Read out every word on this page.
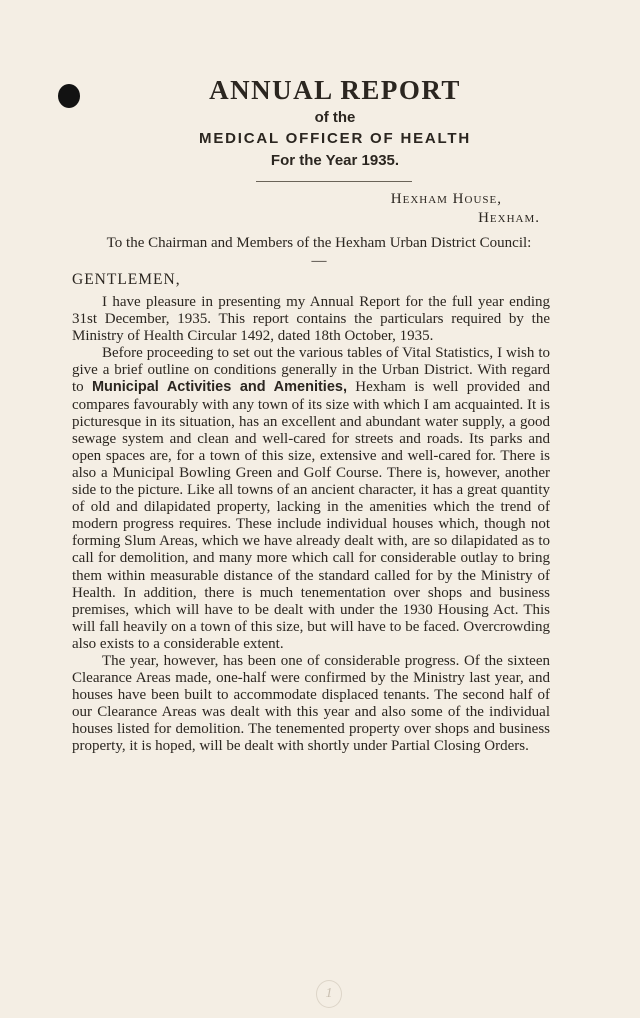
ANNUAL REPORT
of the
MEDICAL OFFICER OF HEALTH
For the Year 1935.
Hexham House,
Hexham.
To the Chairman and Members of the Hexham Urban District Council:—
GENTLEMEN,

I have pleasure in presenting my Annual Report for the full year ending 31st December, 1935. This report contains the particulars required by the Ministry of Health Circular 1492, dated 18th October, 1935.

Before proceeding to set out the various tables of Vital Statistics, I wish to give a brief outline on conditions generally in the Urban District. With regard to Municipal Activities and Amenities, Hexham is well provided and compares favourably with any town of its size with which I am acquainted. It is picturesque in its situation, has an excellent and abundant water supply, a good sewage system and clean and well-cared for streets and roads. Its parks and open spaces are, for a town of this size, extensive and well-cared for. There is also a Municipal Bowling Green and Golf Course. There is, however, another side to the picture. Like all towns of an ancient character, it has a great quantity of old and dilapidated property, lacking in the amenities which the trend of modern progress requires. These include individual houses which, though not forming Slum Areas, which we have already dealt with, are so dilapidated as to call for demolition, and many more which call for considerable outlay to bring them within measurable distance of the standard called for by the Ministry of Health. In addition, there is much tenementation over shops and business premises, which will have to be dealt with under the 1930 Housing Act. This will fall heavily on a town of this size, but will have to be faced. Overcrowding also exists to a considerable extent.

The year, however, has been one of considerable progress. Of the sixteen Clearance Areas made, one-half were confirmed by the Ministry last year, and houses have been built to accommodate displaced tenants. The second half of our Clearance Areas was dealt with this year and also some of the individual houses listed for demolition. The tenemented property over shops and business property, it is hoped, will be dealt with shortly under Partial Closing Orders.

1
